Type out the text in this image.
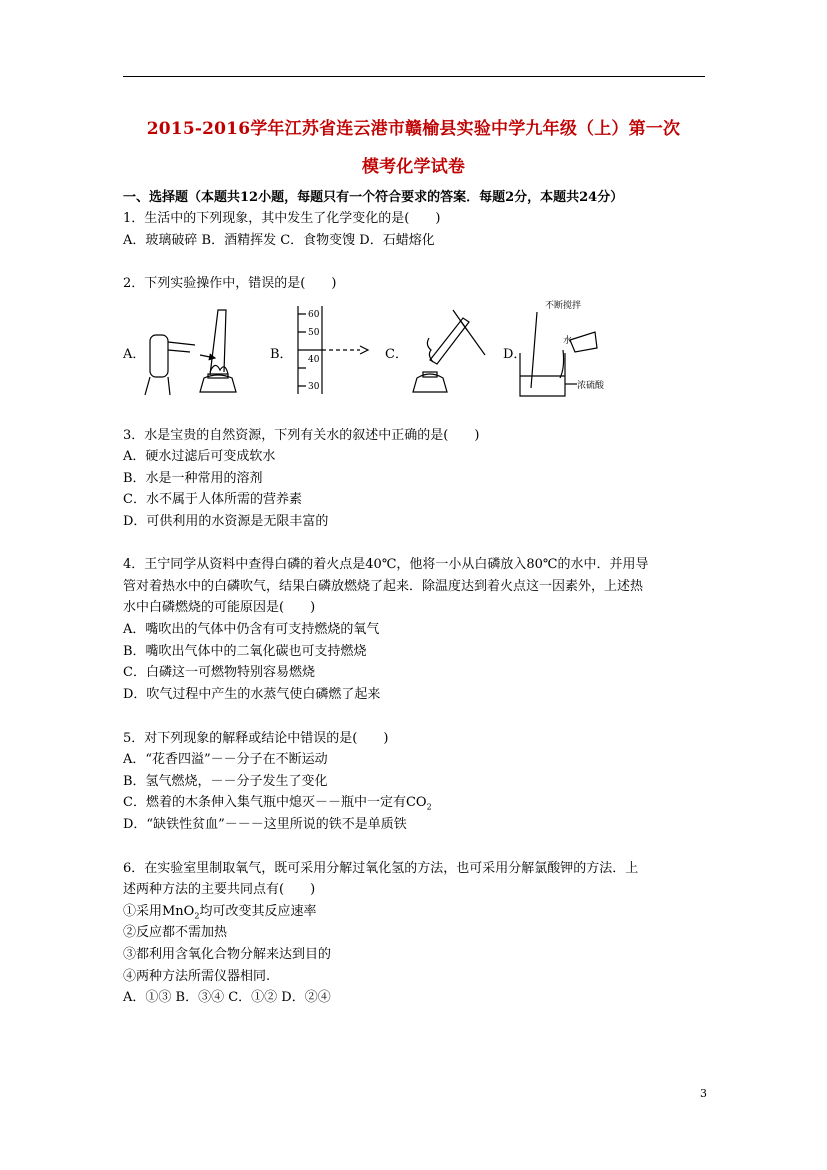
2015-2016学年江苏省连云港市赣榆县实验中学九年级（上）第一次
模考化学试卷
一、选择题（本题共12小题，每题只有一个符合要求的答案．每题2分，本题共24分）
1．生活中的下列现象，其中发生了化学变化的是(　　)
A．玻璃破碎 B．酒精挥发 C．食物变馊 D．石蜡熔化
2．下列实验操作中，错误的是(　　)
A．	B．	C．	D．
60
50
40
30
不断搅拌
水
浓硫酸
3．水是宝贵的自然资源，下列有关水的叙述中正确的是(　　)
A．硬水过滤后可变成软水
B．水是一种常用的溶剂
C．水不属于人体所需的营养素
D．可供利用的水资源是无限丰富的
4．王宁同学从资料中查得白磷的着火点是40℃，他将一小从白磷放入80℃的水中．并用导
管对着热水中的白磷吹气，结果白磷放燃烧了起来．除温度达到着火点这一因素外，上述热
水中白磷燃烧的可能原因是(　　)
A．嘴吹出的气体中仍含有可支持燃烧的氧气
B．嘴吹出气体中的二氧化碳也可支持燃烧
C．白磷这一可燃物特别容易燃烧
D．吹气过程中产生的水蒸气使白磷燃了起来
5．对下列现象的解释或结论中错误的是(　　)
A．“花香四溢”－－分子在不断运动
B．氢气燃烧，－－分子发生了变化
C．燃着的木条伸入集气瓶中熄灭－－瓶中一定有$CO_2$
D．“缺铁性贫血”－－－这里所说的铁不是单质铁
6．在实验室里制取氧气，既可采用分解过氧化氢的方法，也可采用分解氯酸钾的方法．上
述两种方法的主要共同点有(　　)
①采用MnO$_2$均可改变其反应速率
②反应都不需加热
③都利用含氧化合物分解来达到目的
④两种方法所需仪器相同.
A．①③ B．③④ C．①② D．②④
3
